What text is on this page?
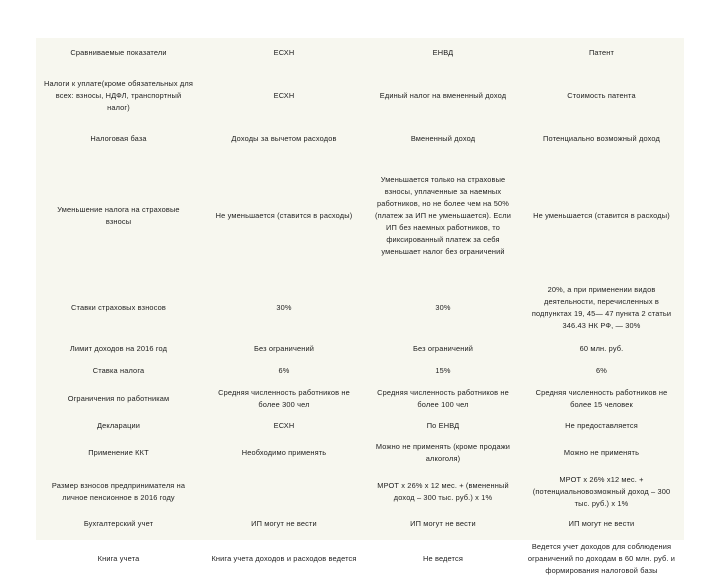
Сравниваемые показатели	ЕСХН	ЕНВД	Патент
Налоги к уплате(кроме обязательных для всех: взносы, НДФЛ, транспортный налог)	ЕСХН	Единый налог на вмененный доход	Стоимость патента
Налоговая база	Доходы за вычетом расходов	Вмененный доход	Потенциально возможный доход
Уменьшение налога на страховые взносы	Не уменьшается (ставится в расходы)	Уменьшается только на страховые взносы, уплаченные за наемных работников, но не более чем на 50% (платеж за ИП не уменьшается). Если ИП без наемных работников, то фиксированный платеж за себя уменьшает налог без ограничений	Не уменьшается (ставится в расходы)
Ставки страховых взносов	30%	30%	20%, а при применении видов деятельности, перечисленных в подпунктах 19, 45— 47 пункта 2 статьи 346.43 НК РФ, — 30%
Лимит доходов на 2016 год	Без ограничений	Без ограничений	60 млн. руб.
Ставка налога	6%	15%	6%
Ограничения по работникам	Средняя численность работников не более 300 чел	Средняя численность работников не более 100 чел	Средняя численность работников не более 15 человек
Декларации	ЕСХН	По ЕНВД	Не предоставляется
Применение ККТ	Необходимо применять	Можно не применять (кроме продажи алкоголя)	Можно не применять
Размер взносов предпринимателя на личное пенсионное в 2016 году		МРОТ х 26% х 12 мес. + (вмененный доход – 300 тыс. руб.) х 1%	МРОТ х 26% х12 мес. + (потенциальновозможный доход – 300 тыс. руб.) х 1%
Бухгалтерский учет	ИП могут не вести	ИП могут не вести	ИП могут не вести
Книга учета	Книга учета доходов и расходов ведется	Не ведется	Ведется учет доходов для соблюдения ограничений по доходам в 60 млн. руб. и формирования налоговой базы
